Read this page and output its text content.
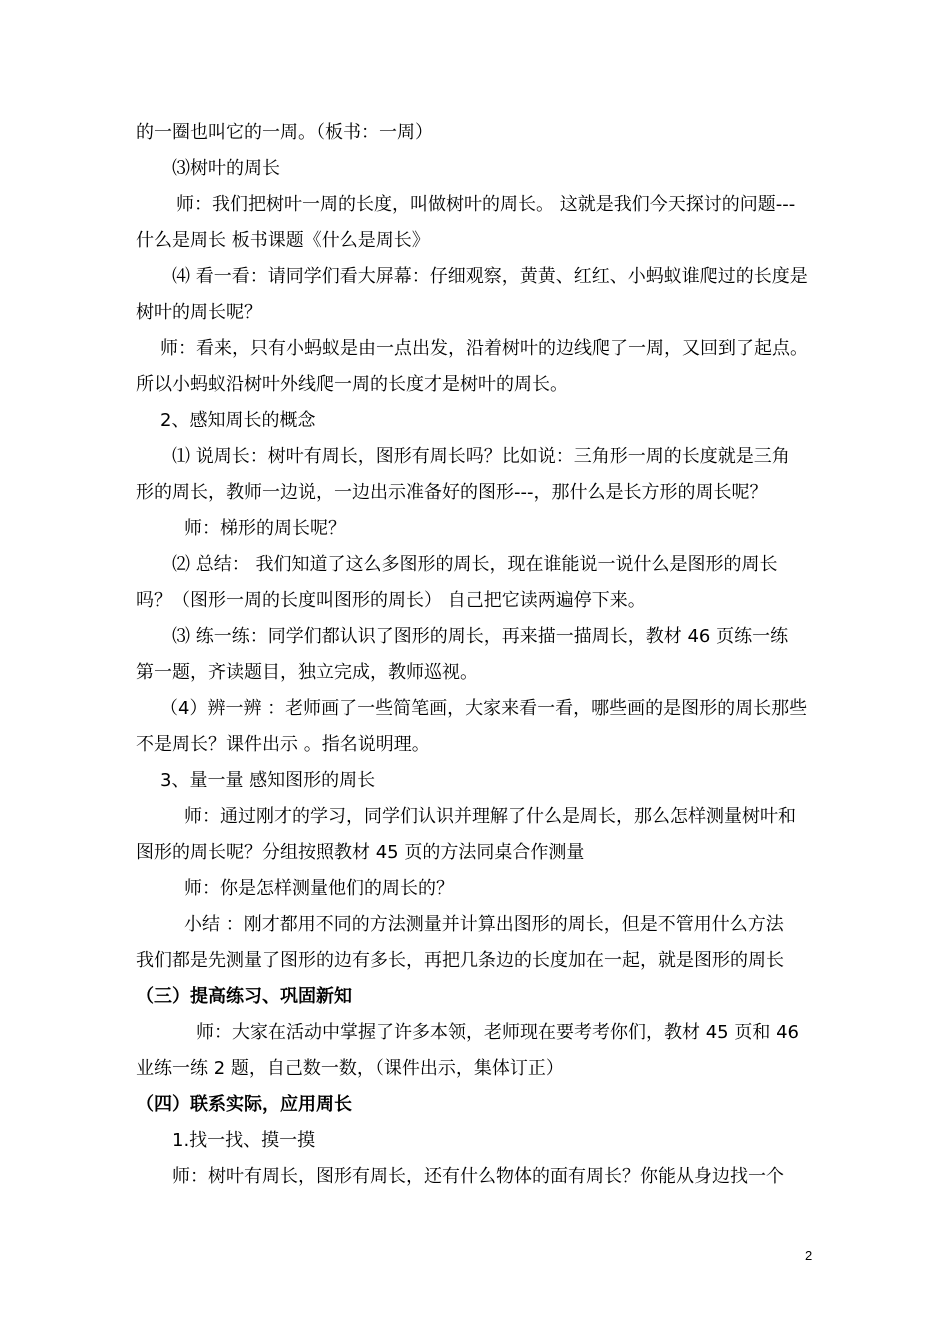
的一圈也叫它的一周。（板书：一周）
⑶树叶的周长
师：我们把树叶一周的长度，叫做树叶的周长。 这就是我们今天探讨的问题---
什么是周长 板书课题《什么是周长》
⑷ 看一看：请同学们看大屏幕：仔细观察，黄黄、红红、小蚂蚁谁爬过的长度是
树叶的周长呢？
师：看来，只有小蚂蚁是由一点出发，沿着树叶的边线爬了一周，又回到了起点。
所以小蚂蚁沿树叶外线爬一周的长度才是树叶的周长。
2、感知周长的概念
⑴ 说周长：树叶有周长，图形有周长吗？比如说：三角形一周的长度就是三角
形的周长，教师一边说，一边出示准备好的图形---，那什么是长方形的周长呢？
师：梯形的周长呢？
⑵ 总结： 我们知道了这么多图形的周长，现在谁能说一说什么是图形的周长
吗？（图形一周的长度叫图形的周长） 自己把它读两遍停下来。
⑶ 练一练：同学们都认识了图形的周长，再来描一描周长，教材 46 页练一练
第一题，齐读题目，独立完成，教师巡视。
（4）辨一辨 ：老师画了一些简笔画，大家来看一看，哪些画的是图形的周长那些
不是周长？课件出示 。指名说明理。
3、量一量 感知图形的周长
师：通过刚才的学习，同学们认识并理解了什么是周长，那么怎样测量树叶和
图形的周长呢？分组按照教材 45 页的方法同桌合作测量
师：你是怎样测量他们的周长的？
小结 ：刚才都用不同的方法测量并计算出图形的周长，但是不管用什么方法
我们都是先测量了图形的边有多长，再把几条边的长度加在一起，就是图形的周长
（三）提高练习、巩固新知
师：大家在活动中掌握了许多本领，老师现在要考考你们，教材 45 页和 46
业练一练 2 题，自己数一数，（课件出示，集体订正）
（四）联系实际，应用周长
1.找一找、摸一摸
师：树叶有周长，图形有周长，还有什么物体的面有周长？你能从身边找一个
2
